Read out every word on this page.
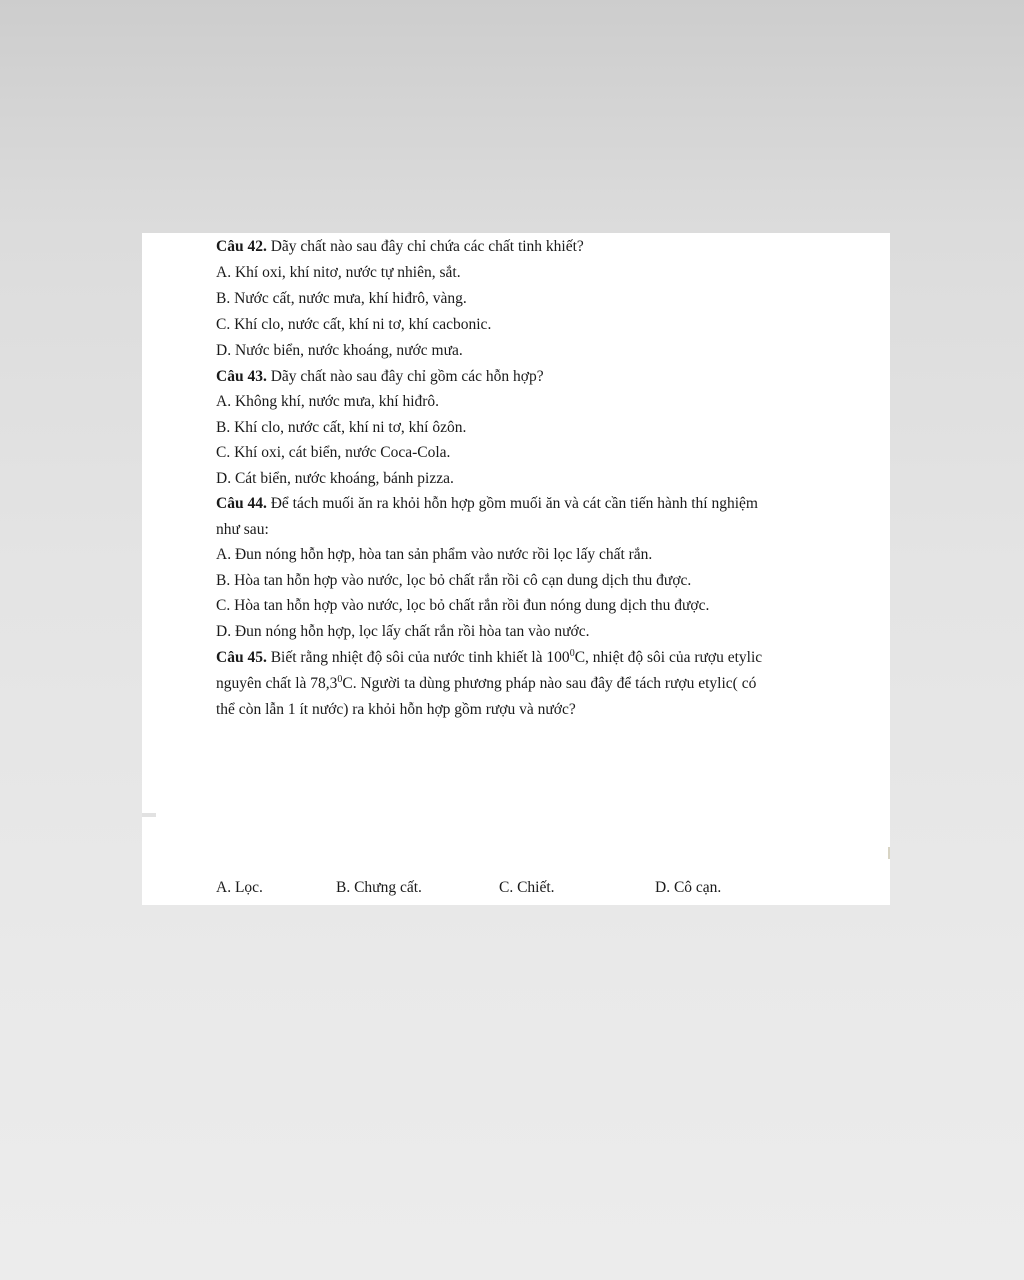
Câu 42. Dãy chất nào sau đây chỉ chứa các chất tinh khiết?
A. Khí oxi, khí nitơ, nước tự nhiên, sắt.
B. Nước cất, nước mưa, khí hiđrô, vàng.
C. Khí clo, nước cất, khí ni tơ, khí cacbonic.
D. Nước biển, nước khoáng, nước mưa.
Câu 43. Dãy chất nào sau đây chỉ gồm các hỗn hợp?
A. Không khí, nước mưa, khí hiđrô.
B. Khí clo, nước cất, khí ni tơ, khí ôzôn.
C. Khí oxi, cát biển, nước Coca-Cola.
D. Cát biển, nước khoáng, bánh pizza.
Câu 44. Để tách muối ăn ra khỏi hỗn hợp gồm muối ăn và cát cần tiến hành thí nghiệm
như sau:
A. Đun nóng hỗn hợp, hòa tan sản phẩm vào nước rồi lọc lấy chất rắn.
B. Hòa tan hỗn hợp vào nước, lọc bỏ chất rắn rồi cô cạn dung dịch thu được.
C. Hòa tan hỗn hợp vào nước, lọc bỏ chất rắn rồi đun nóng dung dịch thu được.
D. Đun nóng hỗn hợp, lọc lấy chất rắn rồi hòa tan vào nước.
Câu 45. Biết rằng nhiệt độ sôi của nước tinh khiết là $100^0C$, nhiệt độ sôi của rượu etylic
nguyên chất là 78,3$^0$C. Người ta dùng phương pháp nào sau đây để tách rượu etylic( có
thể còn lẫn 1 ít nước) ra khỏi hỗn hợp gồm rượu và nước?
A. Lọc.	B. Chưng cất.	C. Chiết.	D. Cô cạn.
